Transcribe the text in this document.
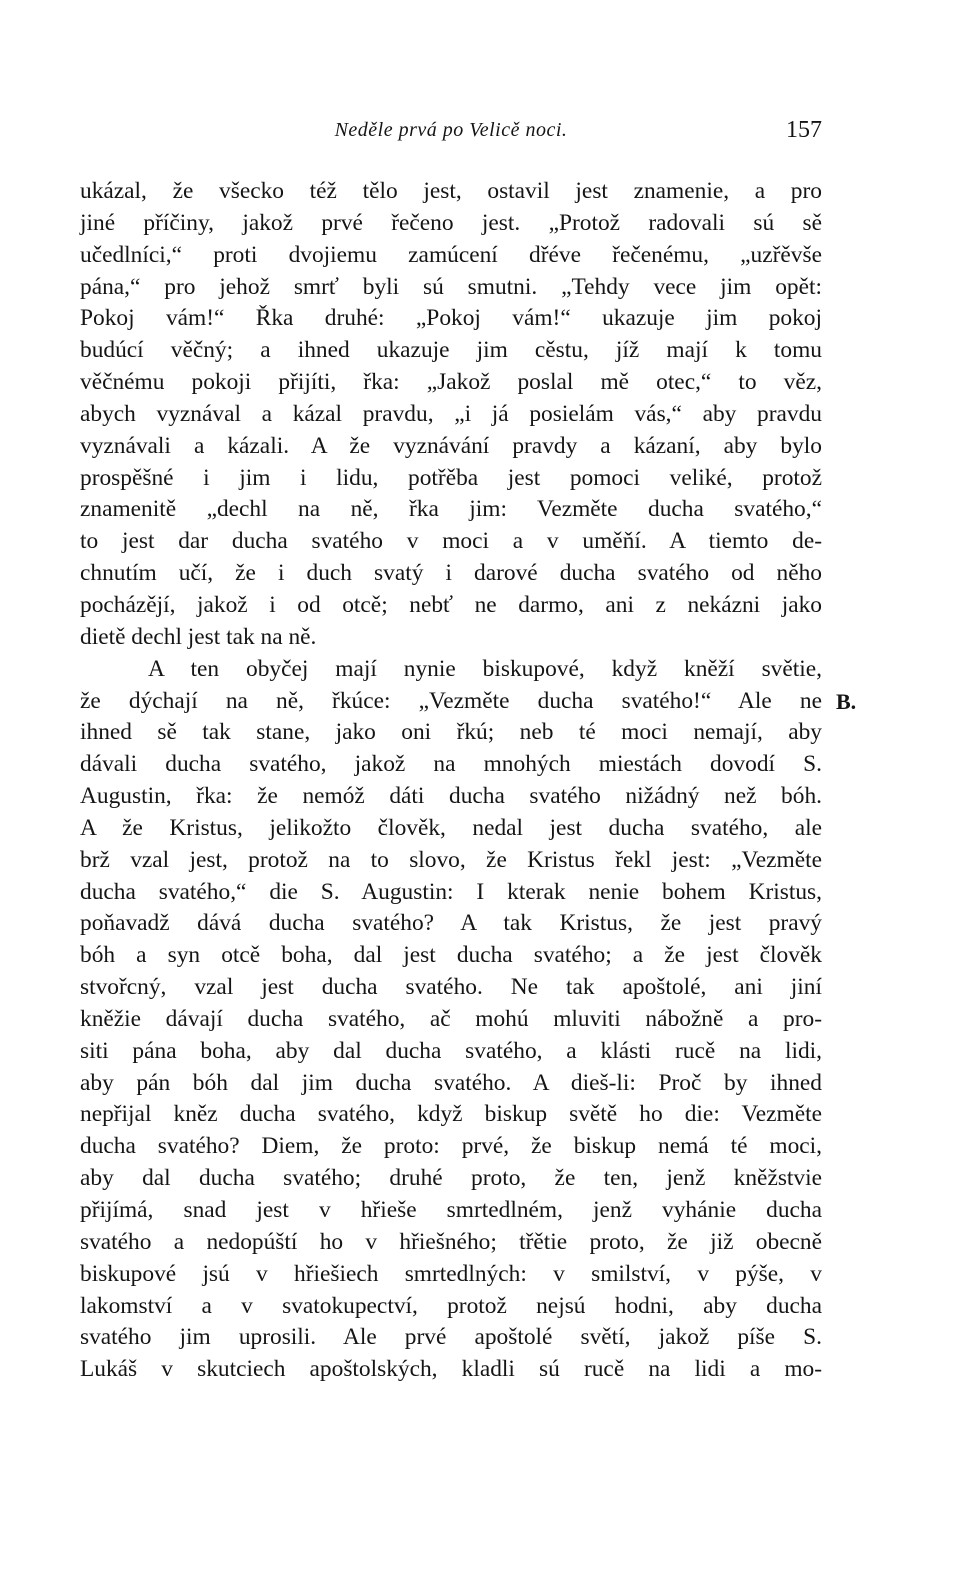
Neděle prvá po Velicě noci.	157
ukázal, že všecko též tělo jest, ostavil jest znamenie, a pro
jiné příčiny, jakož prvé řečeno jest. „Protož radovali sú sě
učedlníci,“ proti dvojiemu zamúcení dřéve řečenému, „uzřěvše
pána,“ pro jehož smrť byli sú smutni. „Tehdy vece jim opět:
Pokoj vám!“ Řka druhé: „Pokoj vám!“ ukazuje jim pokoj
budúcí věčný; a ihned ukazuje jim cěstu, jíž mají k tomu
věčnému pokoji přijíti, řka: „Jakož poslal mě otec,“ to věz,
abych vyznával a kázal pravdu, „i já posielám vás,“ aby pravdu
vyznávali a kázali. A že vyznávání pravdy a kázaní, aby bylo
prospěšné i jim i lidu, potřěba jest pomoci veliké, protož
znamenitě „dechl na ně, řka jim: Vezměte ducha svatého,“
to jest dar ducha svatého v moci a v uměňí. A tiemto de-
chnutím učí, že i duch svatý i darové ducha svatého od něho
pocházějí, jakož i od otcě; nebť ne darmo, ani z nekázni jako
dietě dechl jest tak na ně.
A ten obyčej mají nynie biskupové, když kněží světie,
že dýchají na ně, řkúce: „Vezměte ducha svatého!“ Ale ne
ihned sě tak stane, jako oni řkú; neb té moci nemají, aby
dávali ducha svatého, jakož na mnohých miestách dovodí S.
Augustin, řka: že nemóž dáti ducha svatého nižádný než bóh.
A že Kristus, jelikožto člověk, nedal jest ducha svatého, ale
brž vzal jest, protož na to slovo, že Kristus řekl jest: „Vezměte
ducha svatého,“ die S. Augustin: I kterak nenie bohem Kristus,
poňavadž dává ducha svatého? A tak Kristus, že jest pravý
bóh a syn otcě boha, dal jest ducha svatého; a že jest člověk
stvořcný, vzal jest ducha svatého. Ne tak apoštolé, ani jiní
kněžie dávají ducha svatého, ač mohú mluviti nábožně a pro-
siti pána boha, aby dal ducha svatého, a klásti rucě na lidi,
aby pán bóh dal jim ducha svatého. A dieš-li: Proč by ihned
nepřijal kněz ducha svatého, když biskup světě ho die: Vezměte
ducha svatého? Diem, že proto: prvé, že biskup nemá té moci,
aby dal ducha svatého; druhé proto, že ten, jenž kněžstvie
přijímá, snad jest v hřieše smrtedlném, jenž vyhánie ducha
svatého a nedopúští ho v hřiešného; třětie proto, že již obecně
biskupové jsú v hřiešiech smrtedlných: v smilství, v pýše, v
lakomství a v svatokupectví, protož nejsú hodni, aby ducha
svatého jim uprosili. Ale prvé apoštolé světí, jakož píše S.
Lukáš v skutciech apoštolských, kladli sú rucě na lidi a mo-
B.
